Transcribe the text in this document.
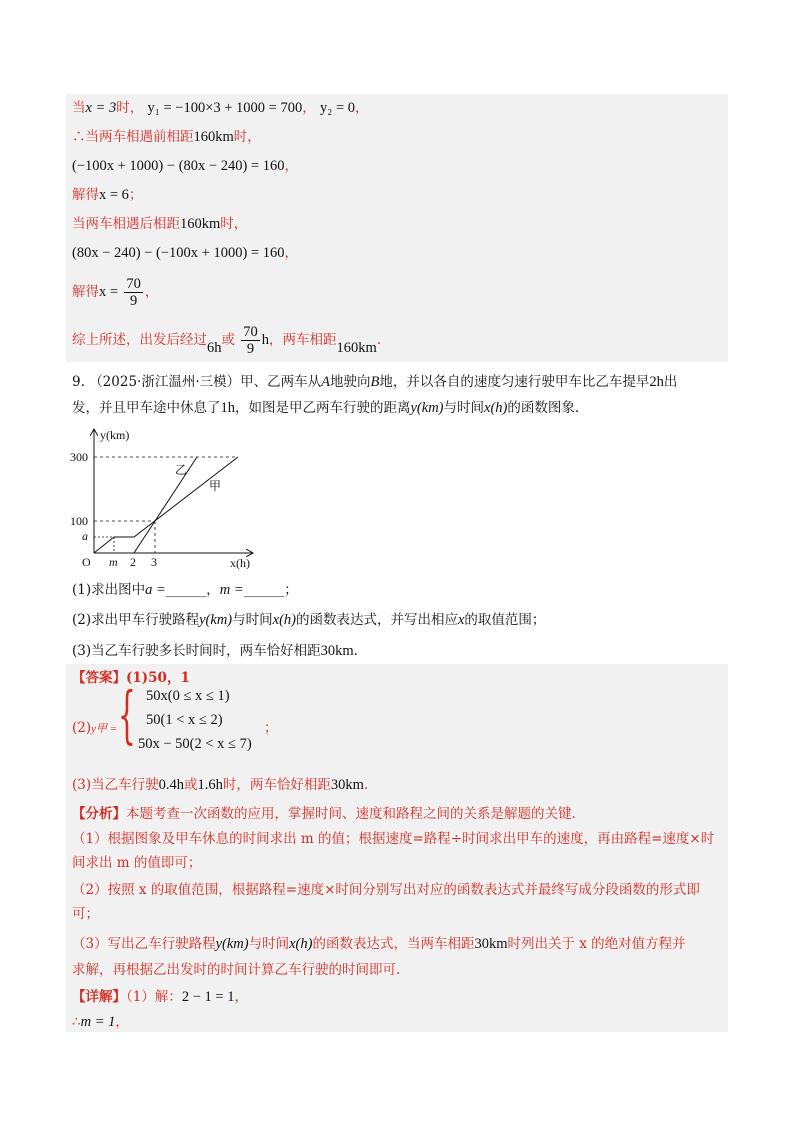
当x = 3时， y₁ = −100×3 + 1000 = 700， y₂ = 0，
∴当两车相遇前相距160km时，
(−100x + 1000) − (80x − 240) = 160，
解得x = 6；
当两车相遇后相距160km时，
(80x − 240) − (−100x + 1000) = 160，
解得$x = \frac{70}{9}$ ，
综上所述，出发后经过6h或 $\frac{70}{9}$ h，两车相距160km.
9. （2025·浙江温州·三模）甲、乙两车从A地驶向B地，并以各自的速度匀速行驶甲车比乙车提早2h出
发，并且甲车途中休息了1h，如图是甲乙两车行驶的距离y(km)与时间x(h)的函数图象.
y(km)
x(h)
O
300
100
a
m 2 3
乙
甲
(1)求出图中a =______，m =______；
(2)求出甲车行驶路程y(km)与时间x(h)的函数表达式，并写出相应x的取值范围；
(3)当乙车行驶多长时间时，两车恰好相距30km.
【答案】(1)50，1
(2)y甲 = { 50x(0 ≤ x ≤ 1)
50(1 < x ≤ 2)
50x − 50(2 < x ≤ 7)
；
(3)当乙车行驶0.4h或1.6h时，两车恰好相距30km.
【分析】本题考查一次函数的应用，掌握时间、速度和路程之间的关系是解题的关键.
（1）根据图象及甲车休息的时间求出 m 的值；根据速度=路程÷时间求出甲车的速度，再由路程=速度×时
间求出 m 的值即可；
（2）按照 x 的取值范围，根据路程=速度×时间分别写出对应的函数表达式并最终写成分段函数的形式即
可；
（3）写出乙车行驶路程y(km)与时间x(h)的函数表达式，当两车相距30km时列出关于 x 的绝对值方程并
求解，再根据乙出发时的时间计算乙车行驶的时间即可.
【详解】（1）解：2 − 1 = 1，
∴m = 1，
